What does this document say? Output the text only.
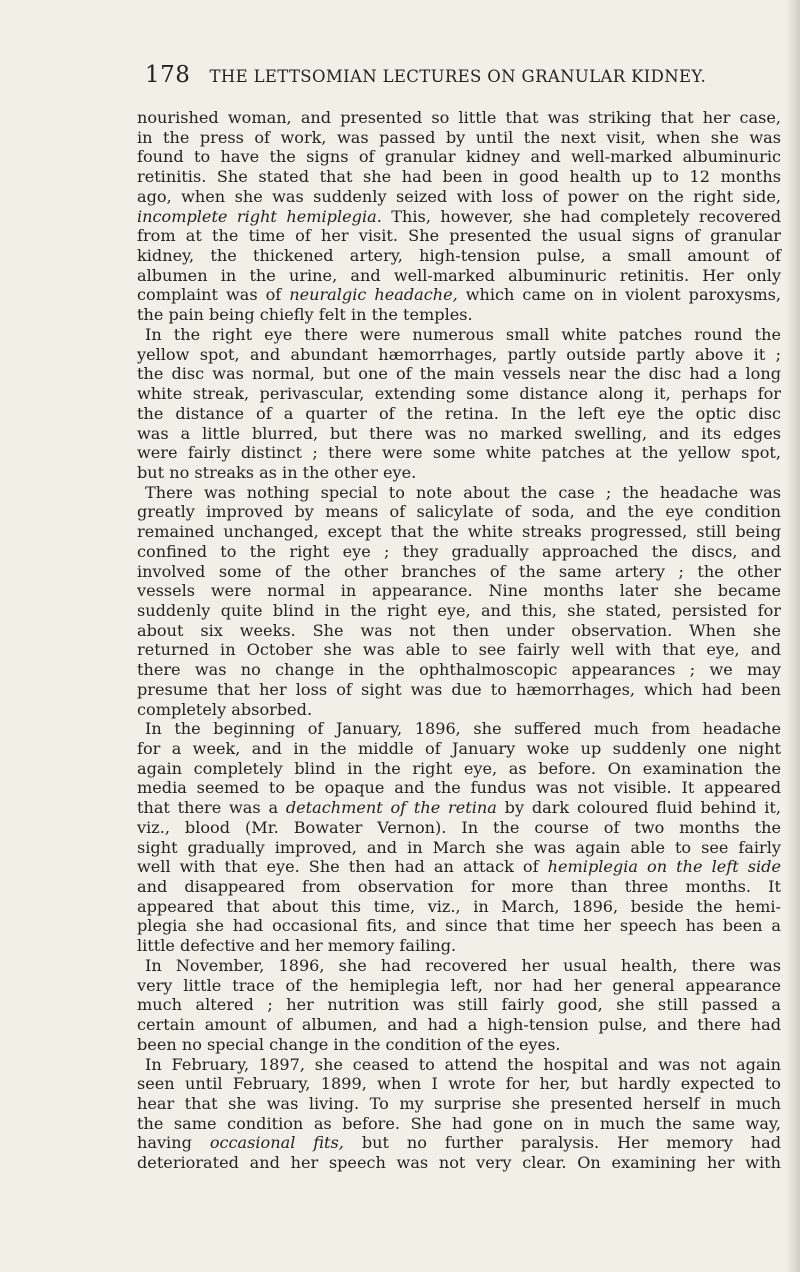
178 THE LETTSOMIAN LECTURES ON GRANULAR KIDNEY.
nourished woman, and presented so little that was striking that her case,
in the press of work, was passed by until the next visit, when she was
found to have the signs of granular kidney and well-marked albuminuric
retinitis. She stated that she had been in good health up to 12 months
ago, when she was suddenly seized with loss of power on the right side,
incomplete right hemiplegia. This, however, she had completely recovered
from at the time of her visit. She presented the usual signs of granular
kidney, the thickened artery, high-tension pulse, a small amount of
albumen in the urine, and well-marked albuminuric retinitis. Her only
complaint was of neuralgic headache, which came on in violent paroxysms,
the pain being chiefly felt in the temples.
In the right eye there were numerous small white patches round the
yellow spot, and abundant hæmorrhages, partly outside partly above it ;
the disc was normal, but one of the main vessels near the disc had a long
white streak, perivascular, extending some distance along it, perhaps for
the distance of a quarter of the retina. In the left eye the optic disc
was a little blurred, but there was no marked swelling, and its edges
were fairly distinct ; there were some white patches at the yellow spot,
but no streaks as in the other eye.
There was nothing special to note about the case ; the headache was
greatly improved by means of salicylate of soda, and the eye condition
remained unchanged, except that the white streaks progressed, still being
confined to the right eye ; they gradually approached the discs, and
involved some of the other branches of the same artery ; the other
vessels were normal in appearance. Nine months later she became
suddenly quite blind in the right eye, and this, she stated, persisted for
about six weeks. She was not then under observation. When she
returned in October she was able to see fairly well with that eye, and
there was no change in the ophthalmoscopic appearances ; we may
presume that her loss of sight was due to hæmorrhages, which had been
completely absorbed.
In the beginning of January, 1896, she suffered much from headache
for a week, and in the middle of January woke up suddenly one night
again completely blind in the right eye, as before. On examination the
media seemed to be opaque and the fundus was not visible. It appeared
that there was a detachment of the retina by dark coloured fluid behind it,
viz., blood (Mr. Bowater Vernon). In the course of two months the
sight gradually improved, and in March she was again able to see fairly
well with that eye. She then had an attack of hemiplegia on the left side
and disappeared from observation for more than three months. It
appeared that about this time, viz., in March, 1896, beside the hemi-
plegia she had occasional fits, and since that time her speech has been a
little defective and her memory failing.
In November, 1896, she had recovered her usual health, there was
very little trace of the hemiplegia left, nor had her general appearance
much altered ; her nutrition was still fairly good, she still passed a
certain amount of albumen, and had a high-tension pulse, and there had
been no special change in the condition of the eyes.
In February, 1897, she ceased to attend the hospital and was not again
seen until February, 1899, when I wrote for her, but hardly expected to
hear that she was living. To my surprise she presented herself in much
the same condition as before. She had gone on in much the same way,
having occasional fits, but no further paralysis. Her memory had
deteriorated and her speech was not very clear. On examining her with
